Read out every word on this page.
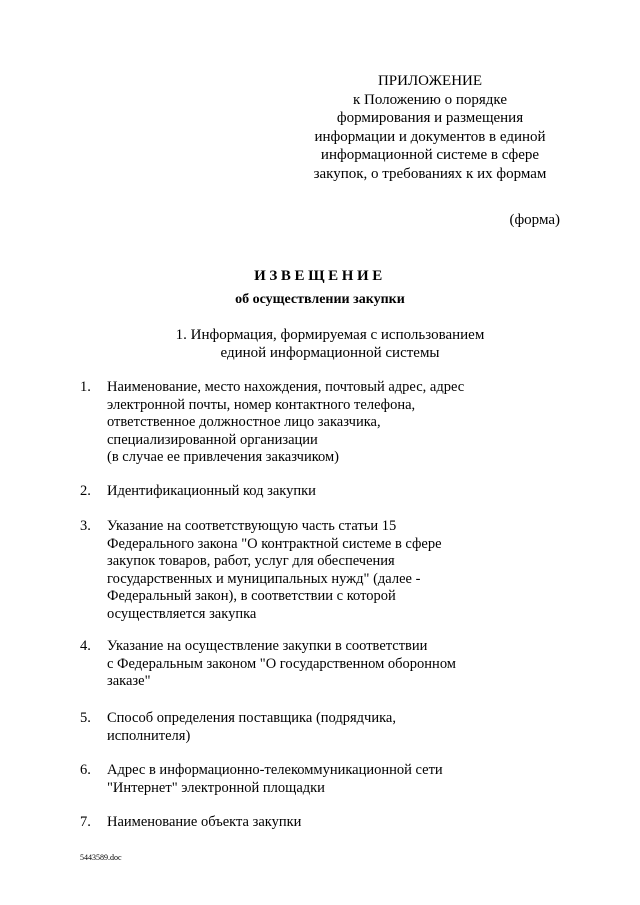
ПРИЛОЖЕНИЕ

к Положению о порядке
формирования и размещения
информации и документов в единой
информационной системе в сфере
закупок, о требованиях к их формам
(форма)
ИЗВЕЩЕНИЕ
об осуществлении закупки
1. Информация, формируемая с использованием
единой информационной системы
1. Наименование, место нахождения, почтовый адрес, адрес
электронной почты, номер контактного телефона,
ответственное должностное лицо заказчика,
специализированной организации
(в случае ее привлечения заказчиком)
2. Идентификационный код закупки
3. Указание на соответствующую часть статьи 15
Федерального закона "О контрактной системе в сфере
закупок товаров, работ, услуг для обеспечения
государственных и муниципальных нужд" (далее -
Федеральный закон), в соответствии с которой
осуществляется закупка
4. Указание на осуществление закупки в соответствии
с Федеральным законом "О государственном оборонном
заказе"
5. Способ определения поставщика (подрядчика,
исполнителя)
6. Адрес в информационно-телекоммуникационной сети
"Интернет" электронной площадки
7. Наименование объекта закупки
5443589.doc
